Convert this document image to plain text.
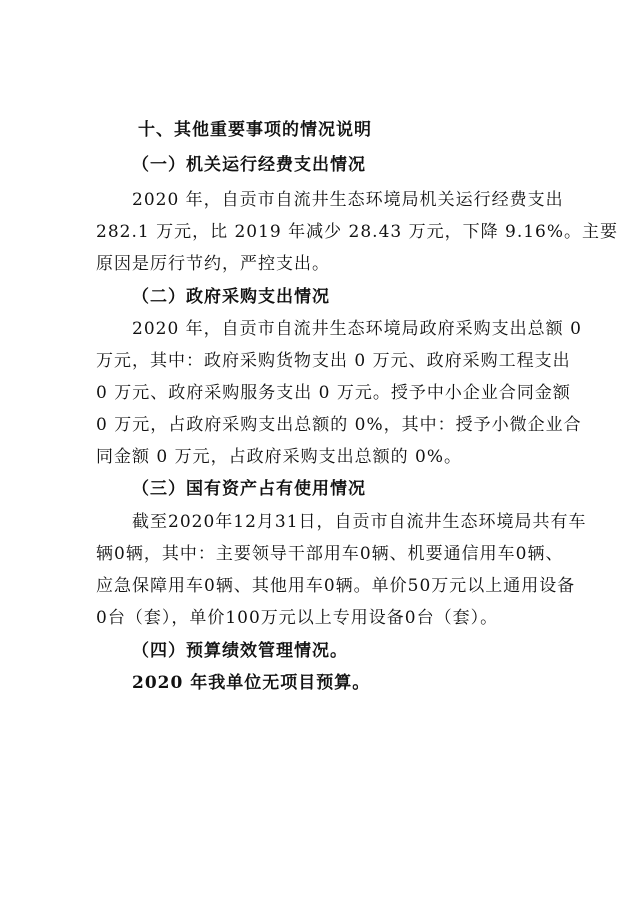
十、其他重要事项的情况说明
（一）机关运行经费支出情况
2020 年，自贡市自流井生态环境局机关运行经费支出
282.1 万元，比 2019 年减少 28.43 万元，下降 9.16%。主要
原因是厉行节约，严控支出。
（二）政府采购支出情况
2020 年，自贡市自流井生态环境局政府采购支出总额 0
万元，其中：政府采购货物支出 0 万元、政府采购工程支出
0 万元、政府采购服务支出 0 万元。授予中小企业合同金额
0 万元，占政府采购支出总额的 0%，其中：授予小微企业合
同金额 0 万元，占政府采购支出总额的 0%。
（三）国有资产占有使用情况
截至2020年12月31日，自贡市自流井生态环境局共有车
辆0辆，其中：主要领导干部用车0辆、机要通信用车0辆、
应急保障用车0辆、其他用车0辆。单价50万元以上通用设备
0台（套），单价100万元以上专用设备0台（套）。
（四）预算绩效管理情况。
2020 年我单位无项目预算。
